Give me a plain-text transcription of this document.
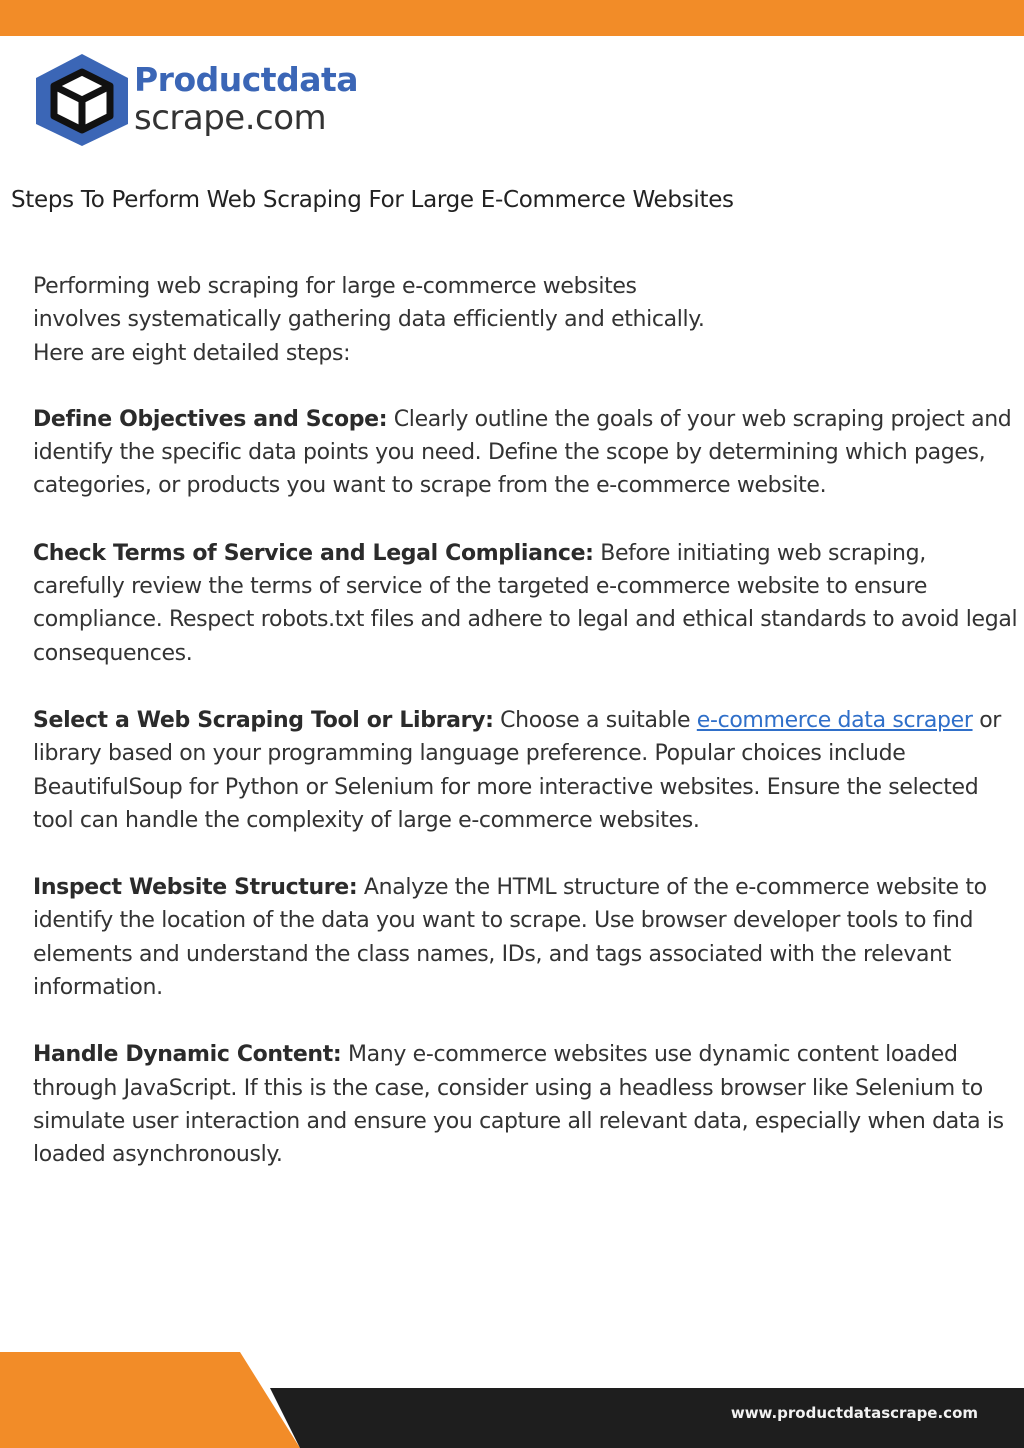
Productdata
scrape.com
Steps To Perform Web Scraping For Large E-Commerce Websites

Performing web scraping for large e-commerce websites
involves systematically gathering data efficiently and ethically.
Here are eight detailed steps:

Define Objectives and Scope: Clearly outline the goals of your web scraping project and identify the specific data points you need. Define the scope by determining which pages, categories, or products you want to scrape from the e-commerce website.

Check Terms of Service and Legal Compliance: Before initiating web scraping, carefully review the terms of service of the targeted e-commerce website to ensure compliance. Respect robots.txt files and adhere to legal and ethical standards to avoid legal consequences.

Select a Web Scraping Tool or Library: Choose a suitable e-commerce data scraper or library based on your programming language preference. Popular choices include BeautifulSoup for Python or Selenium for more interactive websites. Ensure the selected tool can handle the complexity of large e-commerce websites.

Inspect Website Structure: Analyze the HTML structure of the e-commerce website to identify the location of the data you want to scrape. Use browser developer tools to find elements and understand the class names, IDs, and tags associated with the relevant information.

Handle Dynamic Content: Many e-commerce websites use dynamic content loaded through JavaScript. If this is the case, consider using a headless browser like Selenium to simulate user interaction and ensure you capture all relevant data, especially when data is loaded asynchronously.

www.productdatascrape.com
